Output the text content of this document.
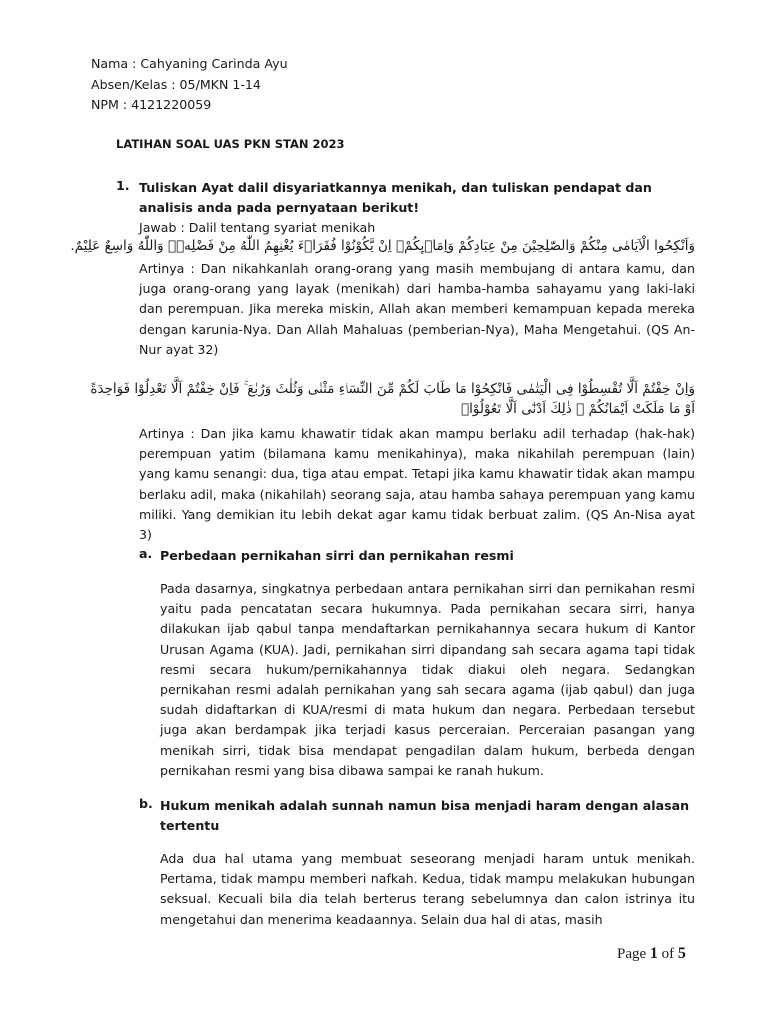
Nama : Cahyaning Carinda Ayu
Absen/Kelas : 05/MKN 1-14
NPM : 4121220059
LATIHAN SOAL UAS PKN STAN 2023
1. Tuliskan Ayat dalil disyariatkannya menikah, dan tuliskan pendapat dan analisis anda pada pernyataan berikut!
Jawab : Dalil tentang syariat menikah
وَاَنْكِحُوا الْاَيَامٰى مِنْكُمْ وَالصّٰلِحِيْنَ مِنْ عِبَادِكُمْ وَاِمَاۤىِٕكُمْۗ اِنْ يَّكُوْنُوْا فُقَرَاۤءَ يُغْنِهِمُ اللّٰهُ مِنْ فَضْلِهٖۗ وَاللّٰهُ وَاسِعٌ عَلِيْمٌ.

Artinya : Dan nikahkanlah orang-orang yang masih membujang di antara kamu, dan juga orang-orang yang layak (menikah) dari hamba-hamba sahayamu yang laki-laki dan perempuan. Jika mereka miskin, Allah akan memberi kemampuan kepada mereka dengan karunia-Nya. Dan Allah Mahaluas (pemberian-Nya), Maha Mengetahui. (QS An-Nur ayat 32)

وَاِنْ خِفْتُمْ اَلَّا تُقْسِطُوْا فِى الْيَتٰمٰى فَانْكِحُوْا مَا طَابَ لَكُمْ مِّنَ النِّسَاۤءِ مَثْنٰى وَثُلٰثَ وَرُبٰعَ ۚ فَاِنْ خِفْتُمْ اَلَّا تَعْدِلُوْا فَوَاحِدَةً
اَوْ مَا مَلَكَتْ اَيْمَانُكُمْ ۗ ذٰلِكَ اَدْنٰٓى اَلَّا تَعُوْلُوْاۗ

Artinya : Dan jika kamu khawatir tidak akan mampu berlaku adil terhadap (hak-hak) perempuan yatim (bilamana kamu menikahinya), maka nikahilah perempuan (lain) yang kamu senangi: dua, tiga atau empat. Tetapi jika kamu khawatir tidak akan mampu berlaku adil, maka (nikahilah) seorang saja, atau hamba sahaya perempuan yang kamu miliki. Yang demikian itu lebih dekat agar kamu tidak berbuat zalim. (QS An-Nisa ayat 3)

a. Perbedaan pernikahan sirri dan pernikahan resmi

Pada dasarnya, singkatnya perbedaan antara pernikahan sirri dan pernikahan resmi yaitu pada pencatatan secara hukumnya. Pada pernikahan secara sirri, hanya dilakukan ijab qabul tanpa mendaftarkan pernikahannya secara hukum di Kantor Urusan Agama (KUA). Jadi, pernikahan sirri dipandang sah secara agama tapi tidak resmi secara hukum/pernikahannya tidak diakui oleh negara. Sedangkan pernikahan resmi adalah pernikahan yang sah secara agama (ijab qabul) dan juga sudah didaftarkan di KUA/resmi di mata hukum dan negara. Perbedaan tersebut juga akan berdampak jika terjadi kasus perceraian. Perceraian pasangan yang menikah sirri, tidak bisa mendapat pengadilan dalam hukum, berbeda dengan pernikahan resmi yang bisa dibawa sampai ke ranah hukum.

b. Hukum menikah adalah sunnah namun bisa menjadi haram dengan alasan tertentu

Ada dua hal utama yang membuat seseorang menjadi haram untuk menikah. Pertama, tidak mampu memberi nafkah. Kedua, tidak mampu melakukan hubungan seksual. Kecuali bila dia telah berterus terang sebelumnya dan calon istrinya itu mengetahui dan menerima keadaannya. Selain dua hal di atas, masih

Page 1 of 5
